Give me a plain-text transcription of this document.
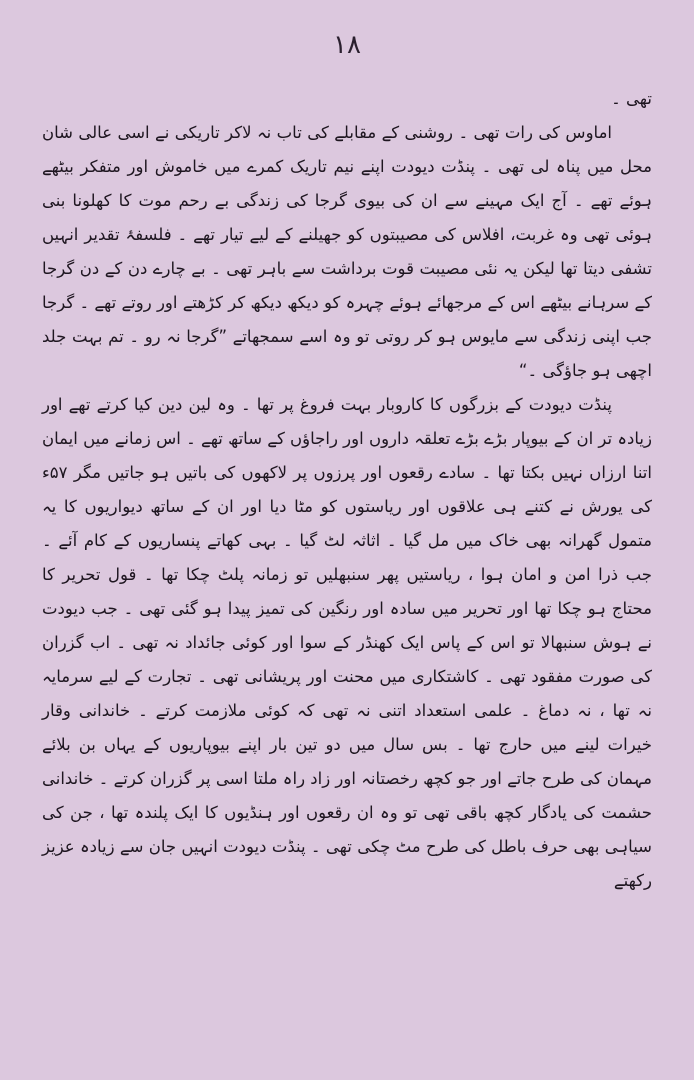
۱۸

تھی ۔

اماوس کی رات تھی ۔ روشنی کے مقابلے کی تاب نہ لاکر تاریکی نے اسی عالی شان محل میں پناہ لی تھی ۔ پنڈت دیودت اپنے نیم تاریک کمرے میں خاموش اور متفکر بیٹھے ہوئے تھے ۔ آج ایک مہینے سے ان کی بیوی گرجا کی زندگی بے رحم موت کا کھلونا بنی ہوئی تھی وہ غربت، افلاس کی مصیبتوں کو جھیلنے کے لیے تیار تھے ۔ فلسفۂ تقدیر انہیں تشفی دیتا تھا لیکن یہ نئی مصیبت قوت برداشت سے باہر تھی ۔ بے چارے دن کے دن گرجا کے سرہانے بیٹھے اس کے مرجھائے ہوئے چہرہ کو دیکھ دیکھ کر کڑھتے اور روتے تھے ۔ گرجا جب اپنی زندگی سے مایوس ہو کر روتی تو وہ اسے سمجھاتے ”گرجا نہ رو ۔ تم بہت جلد اچھی ہو جاؤگی ۔“

پنڈت دیودت کے بزرگوں کا کاروبار بہت فروغ پر تھا ۔ وہ لین دین کیا کرتے تھے اور زیادہ تر ان کے بیوپار بڑے بڑے تعلقہ داروں اور راجاؤں کے ساتھ تھے ۔ اس زمانے میں ایمان اتنا ارزاں نہیں بکتا تھا ۔ سادے رقعوں اور پرزوں پر لاکھوں کی باتیں ہو جاتیں مگر ۵۷ء کی یورش نے کتنے ہی علاقوں اور ریاستوں کو مٹا دیا اور ان کے ساتھ دیواریوں کا یہ متمول گھرانہ بھی خاک میں مل گیا ۔ اثاثہ لٹ گیا ۔ بہی کھاتے پنساریوں کے کام آئے ۔ جب ذرا امن و امان ہوا ، ریاستیں پھر سنبھلیں تو زمانہ پلٹ چکا تھا ۔ قول تحریر کا محتاج ہو چکا تھا اور تحریر میں سادہ اور رنگین کی تمیز پیدا ہو گئی تھی ۔ جب دیودت نے ہوش سنبھالا تو اس کے پاس ایک کھنڈر کے سوا اور کوئی جائداد نہ تھی ۔ اب گزران کی صورت مفقود تھی ۔ کاشتکاری میں محنت اور پریشانی تھی ۔ تجارت کے لیے سرمایہ نہ تھا ، نہ دماغ ۔ علمی استعداد اتنی نہ تھی کہ کوئی ملازمت کرتے ۔ خاندانی وقار خیرات لینے میں حارج تھا ۔ بس سال میں دو تین بار اپنے بیوپاریوں کے یہاں بن بلائے مہمان کی طرح جاتے اور جو کچھ رخصتانہ اور زاد راہ ملتا اسی پر گزران کرتے ۔ خاندانی حشمت کی یادگار کچھ باقی تھی تو وہ ان رقعوں اور ہنڈیوں کا ایک پلندہ تھا ، جن کی سیاہی بھی حرف باطل کی طرح مٹ چکی تھی ۔ پنڈت دیودت انہیں جان سے زیادہ عزیز رکھتے
